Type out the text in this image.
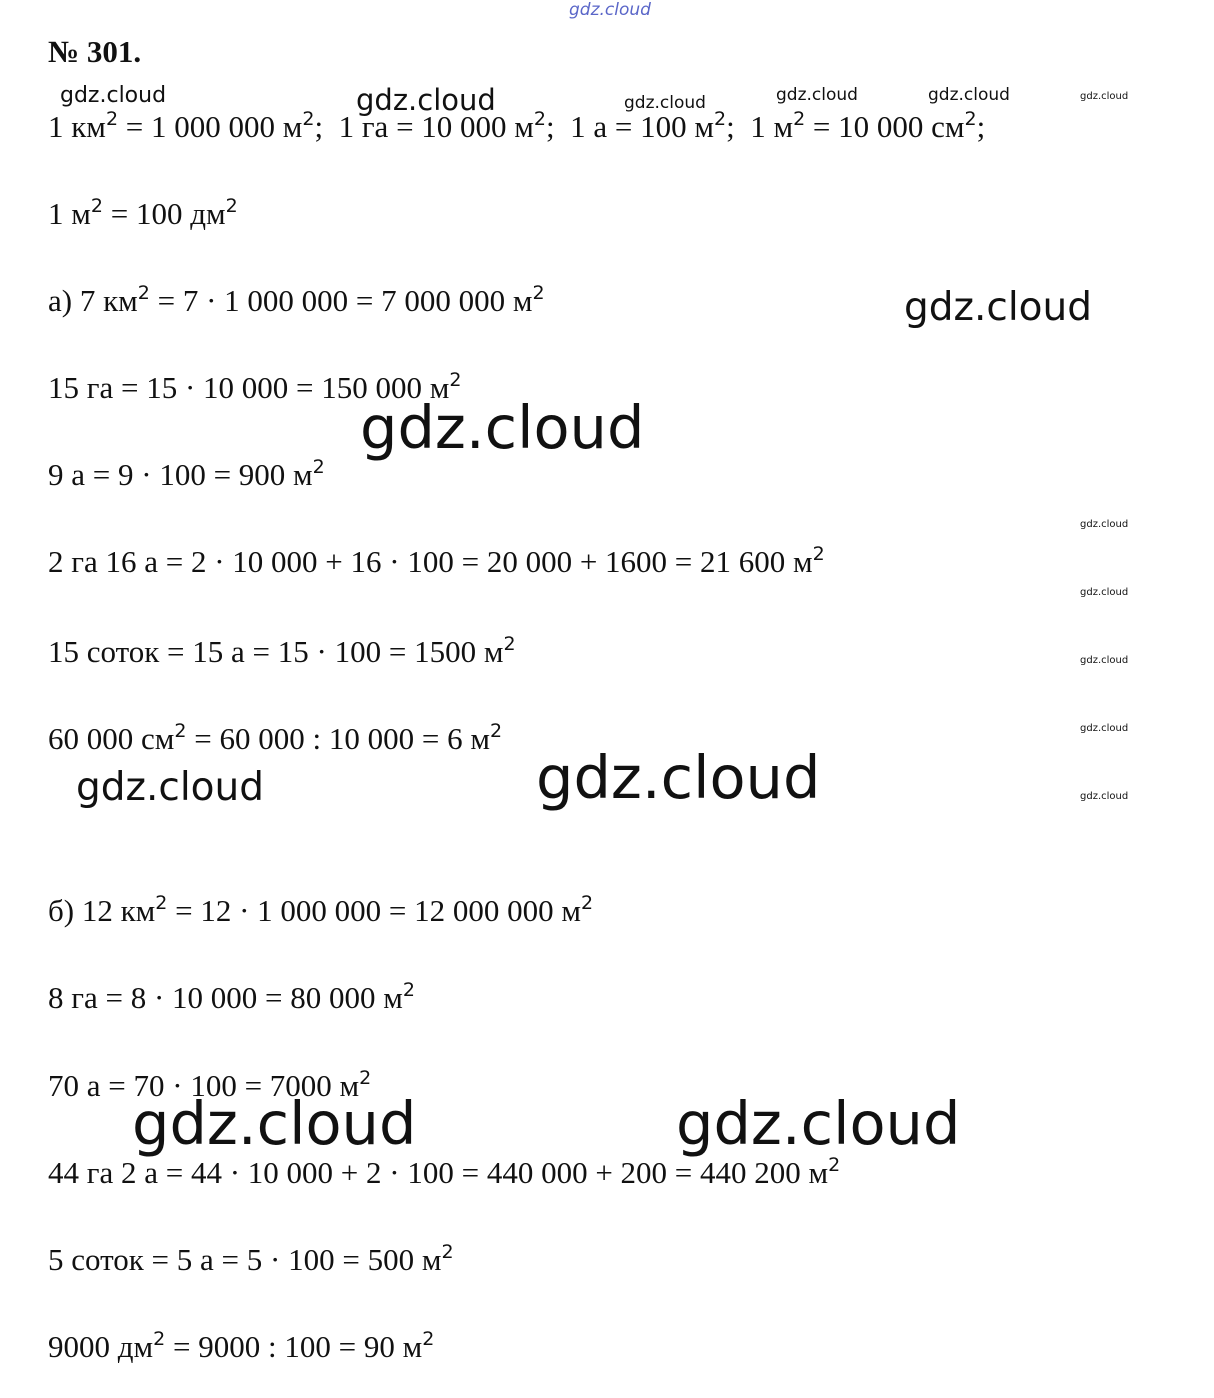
gdz.cloud
№ 301.
1 $км^2 = 1$ 000 000 $м^2$;  1 га = 10 000 $м^2$;  1 а = 100 $м^2$;  1 $м^2 = 10$ 000 $см^2$;
1 $м^2 = 100$ $дм^2$
а) 7 $км^2 = 7 \cdot 1$ 000 000 = 7 000 000 $м^2$
15 га = 15 · 10 000 = 150 000 $м^2$
9 а = 9 · 100 = 900 $м^2$
2 га 16 а = 2 · 10 000 + 16 · 100 = 20 000 + 1600 = 21 600 $м^2$
15 соток = 15 а = 15 · 100 = 1500 $м^2$
60 000 $см^2 = 60$ 000 : 10 000 = 6 $м^2$
б) 12 $км^2 = 12 \cdot 1$ 000 000 = 12 000 000 $м^2$
8 га = 8 · 10 000 = 80 000 $м^2$
70 а = 70 · 100 = 7000 $м^2$
44 га 2 а = 44 · 10 000 + 2 · 100 = 440 000 + 200 = 440 200 $м^2$
5 соток = 5 а = 5 · 100 = 500 $м^2$
9000 $дм^2 = 9000$ : 100 = 90 $м^2$
gdz.cloud	gdz.cloud	gdz.cloud	gdz.cloud	gdz.cloud	gdz.cloud
gdz.cloud
gdz.cloud
gdz.cloud
gdz.cloud
gdz.cloud
gdz.cloud
gdz.cloud
gdz.cloud
gdz.cloud
gdz.cloud	gdz.cloud
